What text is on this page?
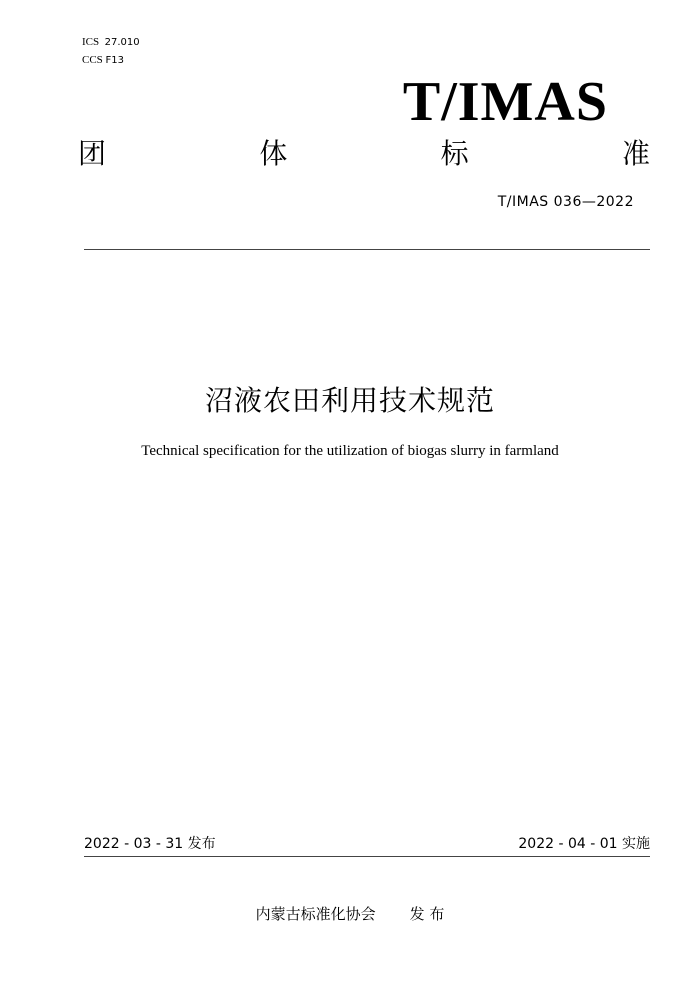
ICS 27.010
CCS F13
T/IMAS
团	体	标	准
T/IMAS 036—2022
沼液农田利用技术规范
Technical specification for the utilization of biogas slurry in farmland
2022 - 03 - 31 发布	2022 - 04 - 01 实施
内蒙古标准化协会 发 布
